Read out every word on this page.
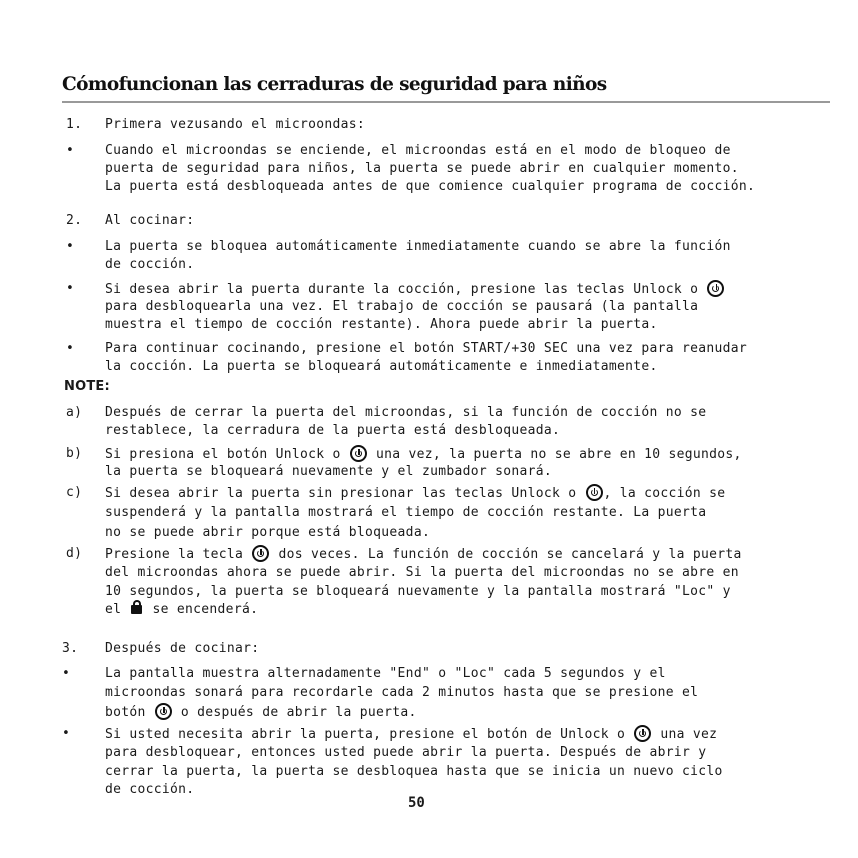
Cómofuncionan las cerraduras de seguridad para niños
1. Primera vezusando el microondas:
• Cuando el microondas se enciende, el microondas está en el modo de bloqueo de
puerta de seguridad para niños, la puerta se puede abrir en cualquier momento.
La puerta está desbloqueada antes de que comience cualquier programa de cocción.
2. Al cocinar:
• La puerta se bloquea automáticamente inmediatamente cuando se abre la función
de cocción.
• Si desea abrir la puerta durante la cocción, presione las teclas Unlock o
para desbloquearla una vez. El trabajo de cocción se pausará (la pantalla
muestra el tiempo de cocción restante). Ahora puede abrir la puerta.
• Para continuar cocinando, presione el botón START/+30 SEC una vez para reanudar
la cocción. La puerta se bloqueará automáticamente e inmediatamente.
NOTE:
a) Después de cerrar la puerta del microondas, si la función de cocción no se
restablece, la cerradura de la puerta está desbloqueada.
b) Si presiona el botón Unlock o	una vez, la puerta no se abre en 10 segundos,
la puerta se bloqueará nuevamente y el zumbador sonará.
c) Si desea abrir la puerta sin presionar las teclas Unlock o , la cocción se
suspenderá y la pantalla mostrará el tiempo de cocción restante. La puerta
no se puede abrir porque está bloqueada.
d) Presione la tecla	dos veces. La función de cocción se cancelará y la puerta
del microondas ahora se puede abrir. Si la puerta del microondas no se abre en
10 segundos, la puerta se bloqueará nuevamente y la pantalla mostrará "Loc" y
el se encenderá.
3. Después de cocinar:
•	La pantalla muestra alternadamente "End" o "Loc" cada 5 segundos y el
microondas sonará para recordarle cada 2 minutos hasta que se presione el
botón	o después de abrir la puerta.
•	Si usted necesita abrir la puerta, presione el botón de Unlock o	una vez
para desbloquear, entonces usted puede abrir la puerta. Después de abrir y
cerrar la puerta, la puerta se desbloquea hasta que se inicia un nuevo ciclo
de cocción.
50
